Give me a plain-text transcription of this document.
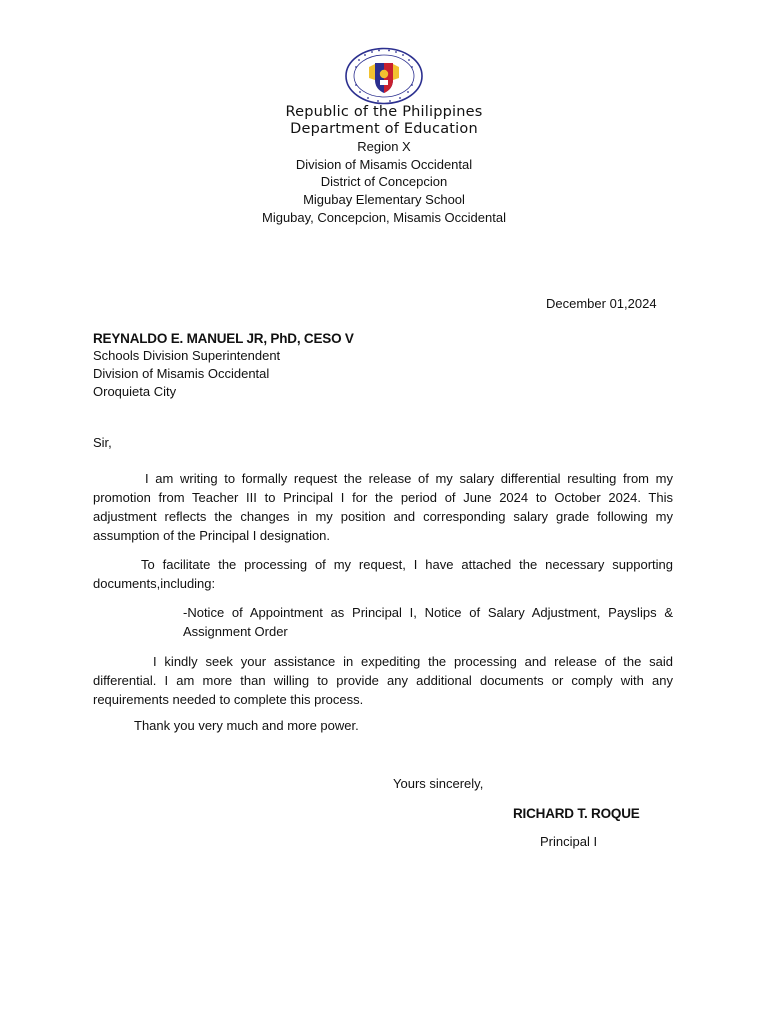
Republic of the Philippines
Department of Education
Region X
Division of Misamis Occidental
District of Concepcion
Migubay Elementary School
Migubay, Concepcion, Misamis Occidental
December 01,2024
REYNALDO E. MANUEL JR, PhD, CESO V
Schools Division Superintendent
Division of Misamis Occidental
Oroquieta City
Sir,
I am writing to formally request the release of my salary differential resulting from my promotion from Teacher III to Principal I for the period of June 2024 to October 2024. This adjustment reflects the changes in my position and corresponding salary grade following my assumption of the Principal I designation.
To facilitate the processing of my request, I have attached the necessary supporting documents,including:
-Notice of Appointment as Principal I, Notice of Salary Adjustment, Payslips & Assignment Order
I kindly seek your assistance in expediting the processing and release of the said differential. I am more than willing to provide any additional documents or comply with any requirements needed to complete this process.
Thank you very much and more power.
Yours sincerely,
RICHARD T. ROQUE
Principal I
